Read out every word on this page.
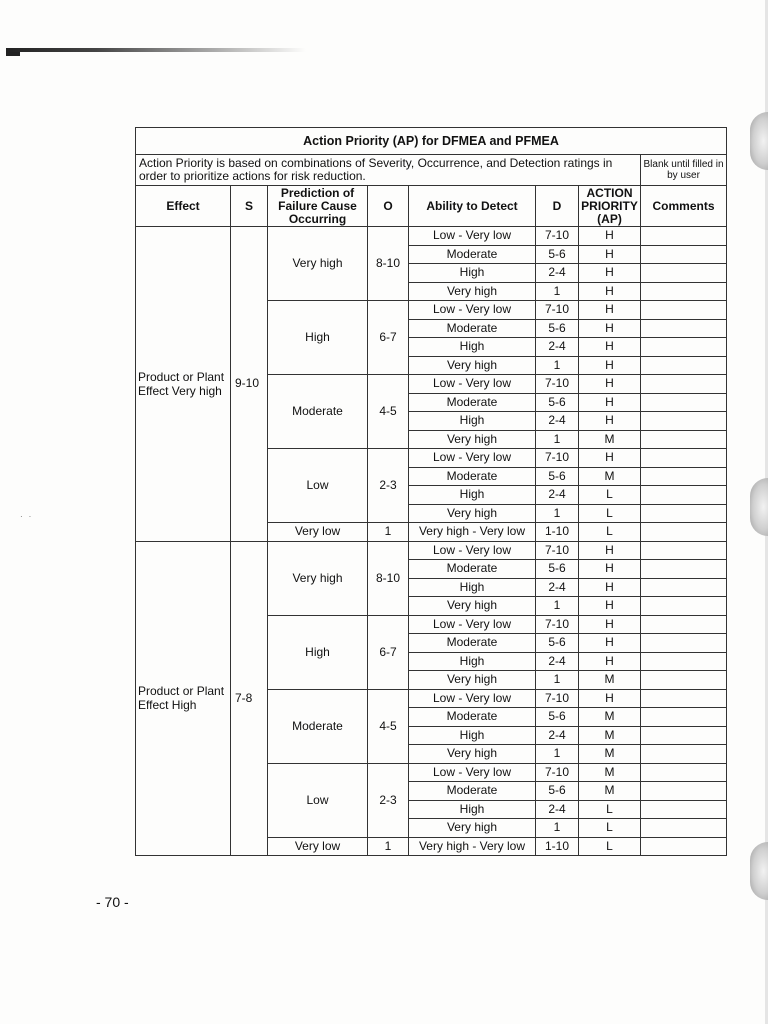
··
Action Priority (AP) for DFMEA and PFMEA							
Action Priority is based on combinations of Severity, Occurrence, and Detection ratings in order to prioritize actions for risk reduction.							Blank until filled in by user
Effect	S	Prediction of Failure Cause Occurring	O	Ability to Detect	D	ACTION PRIORITY (AP)	Comments
Product or Plant Effect Very high	9-10	Very high	8-10	Low - Very low	7-10	H	
				Moderate	5-6	H	
				High	2-4	H	
				Very high	1	H	
		High	6-7	Low - Very low	7-10	H	
				Moderate	5-6	H	
				High	2-4	H	
				Very high	1	H	
		Moderate	4-5	Low - Very low	7-10	H	
				Moderate	5-6	H	
				High	2-4	H	
				Very high	1	M	
		Low	2-3	Low - Very low	7-10	H	
				Moderate	5-6	M	
				High	2-4	L	
				Very high	1	L	
		Very low	1	Very high - Very low	1-10	L	
Product or Plant Effect High	7-8	Very high	8-10	Low - Very low	7-10	H	
				Moderate	5-6	H	
				High	2-4	H	
				Very high	1	H	
		High	6-7	Low - Very low	7-10	H	
				Moderate	5-6	H	
				High	2-4	H	
				Very high	1	M	
		Moderate	4-5	Low - Very low	7-10	H	
				Moderate	5-6	M	
				High	2-4	M	
				Very high	1	M	
		Low	2-3	Low - Very low	7-10	M	
				Moderate	5-6	M	
				High	2-4	L	
				Very high	1	L	
		Very low	1	Very high - Very low	1-10	L	
- 70 -
